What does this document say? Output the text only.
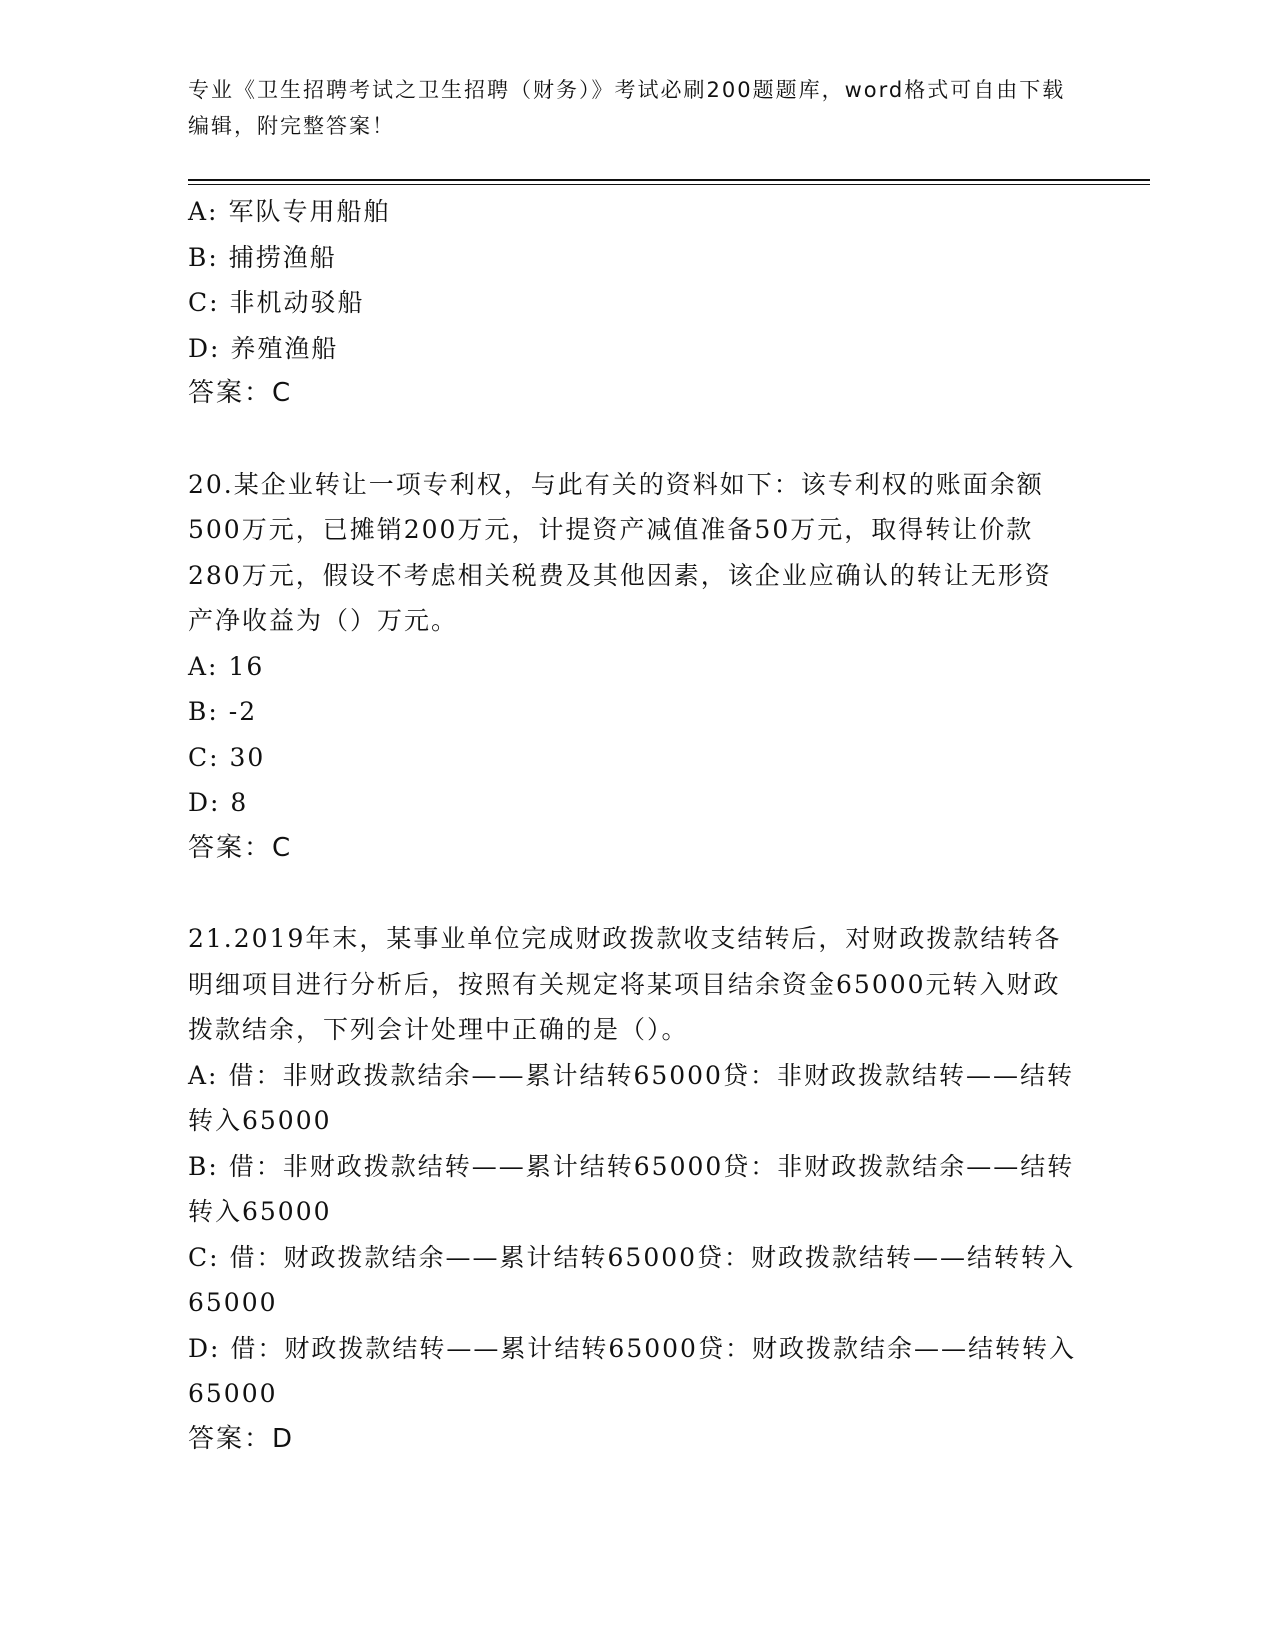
专业《卫生招聘考试之卫生招聘（财务）》考试必刷200题题库，word格式可自由下载编辑，附完整答案！

A: 军队专用船舶

B: 捕捞渔船

C: 非机动驳船

D: 养殖渔船

答案：C

20.某企业转让一项专利权，与此有关的资料如下：该专利权的账面余额500万元，已摊销200万元，计提资产减值准备50万元，取得转让价款280万元，假设不考虑相关税费及其他因素，该企业应确认的转让无形资产净收益为（）万元。

A: 16

B: -2

C: 30

D: 8

答案：C

21.2019年末，某事业单位完成财政拨款收支结转后，对财政拨款结转各明细项目进行分析后，按照有关规定将某项目结余资金65000元转入财政拨款结余，下列会计处理中正确的是（）。

A: 借：非财政拨款结余——累计结转65000贷：非财政拨款结转——结转转入65000

B: 借：非财政拨款结转——累计结转65000贷：非财政拨款结余——结转转入65000

C: 借：财政拨款结余——累计结转65000贷：财政拨款结转——结转转入65000

D: 借：财政拨款结转——累计结转65000贷：财政拨款结余——结转转入65000

答案：D
